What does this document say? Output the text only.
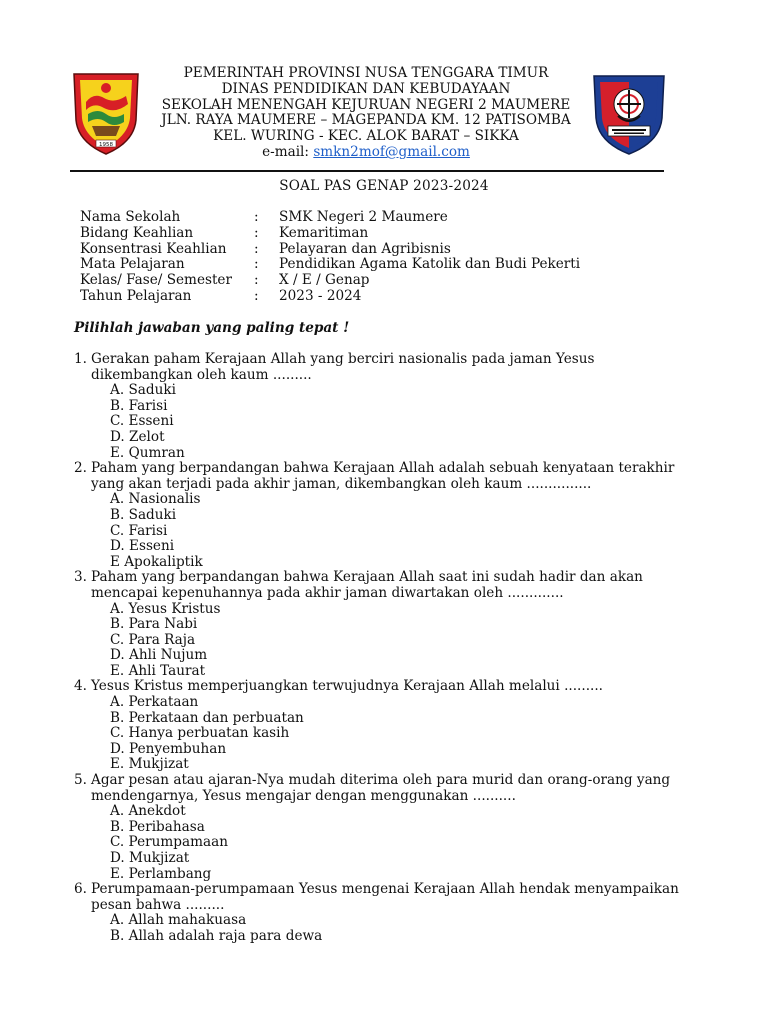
1958
PEMERINTAH PROVINSI NUSA TENGGARA TIMUR
DINAS PENDIDIKAN DAN KEBUDAYAAN
SEKOLAH MENENGAH KEJURUAN NEGERI 2 MAUMERE
JLN. RAYA MAUMERE – MAGEPANDA KM. 12 PATISOMBA
KEL. WURING - KEC. ALOK BARAT – SIKKA
e-mail: smkn2mof@gmail.com
SOAL PAS GENAP 2023-2024
Nama Sekolah	: SMK Negeri 2 Maumere
Bidang Keahlian	: Kemaritiman
Konsentrasi Keahlian : Pelayaran dan Agribisnis
Mata Pelajaran	: Pendidikan Agama Katolik dan Budi Pekerti
Kelas/ Fase/ Semester : X / E / Genap
Tahun Pelajaran	: 2023 - 2024
Pilihlah jawaban yang paling tepat !
1. Gerakan paham Kerajaan Allah yang berciri nasionalis pada jaman Yesus
dikembangkan oleh kaum .........
A. Saduki
B. Farisi
C. Esseni
D. Zelot
E. Qumran
2. Paham yang berpandangan bahwa Kerajaan Allah adalah sebuah kenyataan terakhir
yang akan terjadi pada akhir jaman, dikembangkan oleh kaum ...............
A. Nasionalis
B. Saduki
C. Farisi
D. Esseni
E Apokaliptik
3. Paham yang berpandangan bahwa Kerajaan Allah saat ini sudah hadir dan akan
mencapai kepenuhannya pada akhir jaman diwartakan oleh .............
A. Yesus Kristus
B. Para Nabi
C. Para Raja
D. Ahli Nujum
E. Ahli Taurat
4. Yesus Kristus memperjuangkan terwujudnya Kerajaan Allah melalui .........
A. Perkataan
B. Perkataan dan perbuatan
C. Hanya perbuatan kasih
D. Penyembuhan
E. Mukjizat
5. Agar pesan atau ajaran-Nya mudah diterima oleh para murid dan orang-orang yang
mendengarnya, Yesus mengajar dengan menggunakan ..........
A. Anekdot
B. Peribahasa
C. Perumpamaan
D. Mukjizat
E. Perlambang
6. Perumpamaan-perumpamaan Yesus mengenai Kerajaan Allah hendak menyampaikan
pesan bahwa .........
A. Allah mahakuasa
B. Allah adalah raja para dewa
